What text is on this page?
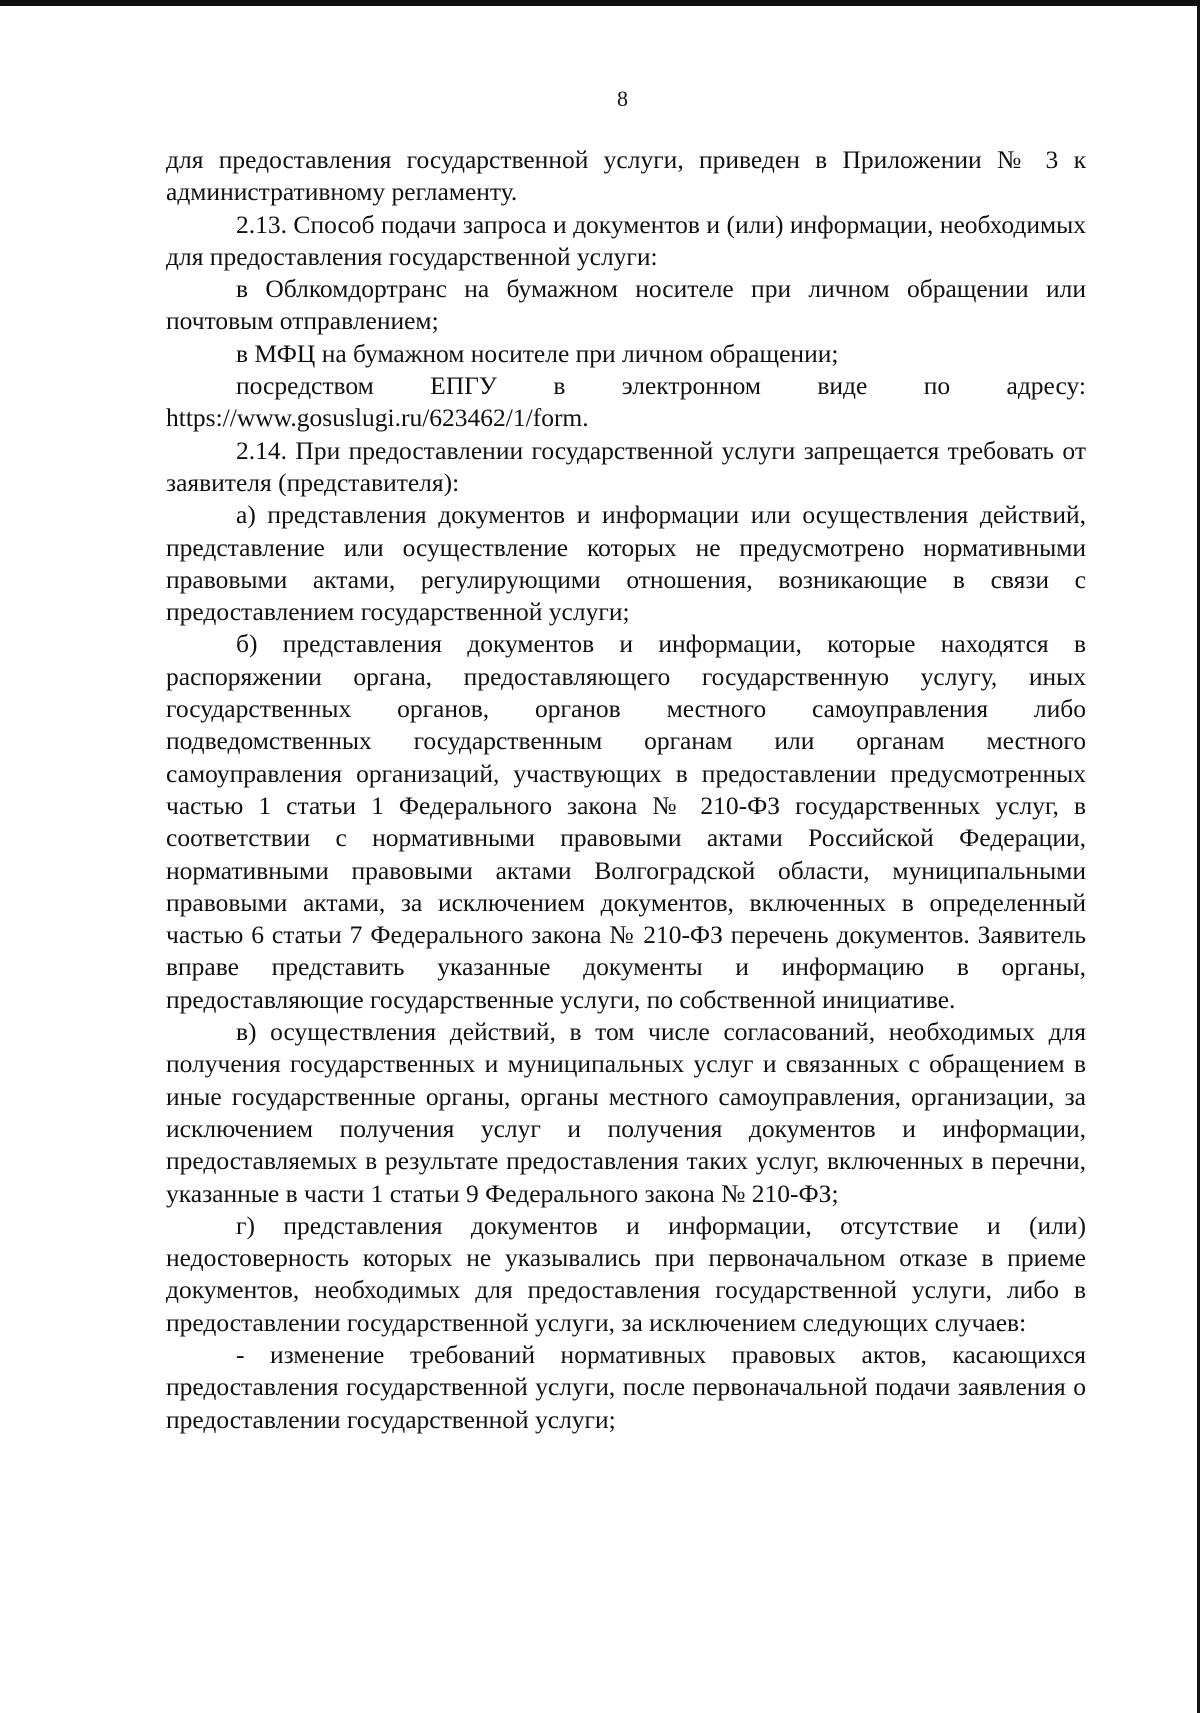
8

для предоставления государственной услуги, приведен в Приложении № 3 к административному регламенту.

2.13. Способ подачи запроса и документов и (или) информации, необходимых для предоставления государственной услуги:

в Облкомдортранс на бумажном носителе при личном обращении или почтовым отправлением;

в МФЦ на бумажном носителе при личном обращении;

посредством ЕПГУ в электронном виде по адресу: https://www.gosuslugi.ru/623462/1/form.

2.14. При предоставлении государственной услуги запрещается требовать от заявителя (представителя):

а) представления документов и информации или осуществления действий, представление или осуществление которых не предусмотрено нормативными правовыми актами, регулирующими отношения, возникающие в связи с предоставлением государственной услуги;

б) представления документов и информации, которые находятся в распоряжении органа, предоставляющего государственную услугу, иных государственных органов, органов местного самоуправления либо подведомственных государственным органам или органам местного самоуправления организаций, участвующих в предоставлении предусмотренных частью 1 статьи 1 Федерального закона № 210-ФЗ государственных услуг, в соответствии с нормативными правовыми актами Российской Федерации, нормативными правовыми актами Волгоградской области, муниципальными правовыми актами, за исключением документов, включенных в определенный частью 6 статьи 7 Федерального закона № 210-ФЗ перечень документов. Заявитель вправе представить указанные документы и информацию в органы, предоставляющие государственные услуги, по собственной инициативе.

в) осуществления действий, в том числе согласований, необходимых для получения государственных и муниципальных услуг и связанных с обращением в иные государственные органы, органы местного самоуправления, организации, за исключением получения услуг и получения документов и информации, предоставляемых в результате предоставления таких услуг, включенных в перечни, указанные в части 1 статьи 9 Федерального закона № 210-ФЗ;

г) представления документов и информации, отсутствие и (или) недостоверность которых не указывались при первоначальном отказе в приеме документов, необходимых для предоставления государственной услуги, либо в предоставлении государственной услуги, за исключением следующих случаев:

- изменение требований нормативных правовых актов, касающихся предоставления государственной услуги, после первоначальной подачи заявления о предоставлении государственной услуги;
